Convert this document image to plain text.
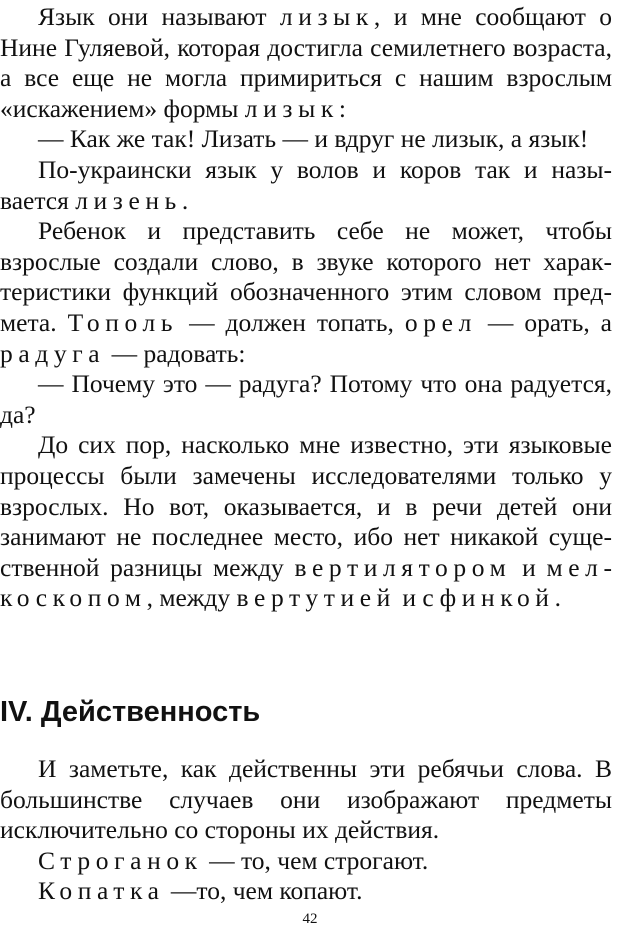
Язык они называют лизык, и мне сообщают о Нине Гуляевой, которая достигла семилетнего возраста, а все еще не могла примириться с нашим взрослым «искажением» формы лизык:

— Как же так! Лизать — и вдруг не лизык, а язык!

По-украински язык у волов и коров так и называется лизень.

Ребенок и представить себе не может, чтобы взрослые создали слово, в звуке которого нет характеристики функций обозначенного этим словом предмета. Тополь — должен топать, орел — орать, а радуга — радовать:

— Почему это — радуга? Потому что она радуется, да?

До сих пор, насколько мне известно, эти языковые процессы были замечены исследователями только у взрослых. Но вот, оказывается, и в речи детей они занимают не последнее место, ибо нет никакой существенной разницы между вертилятором и мелкоскопом, между вертутией и сфинкой.

IV. Действенность

И заметьте, как действенны эти ребячьи слова. В большинстве случаев они изображают предметы исключительно со стороны их действия.

Строганок — то, чем строгают.

Копатка —то, чем копают.

42
